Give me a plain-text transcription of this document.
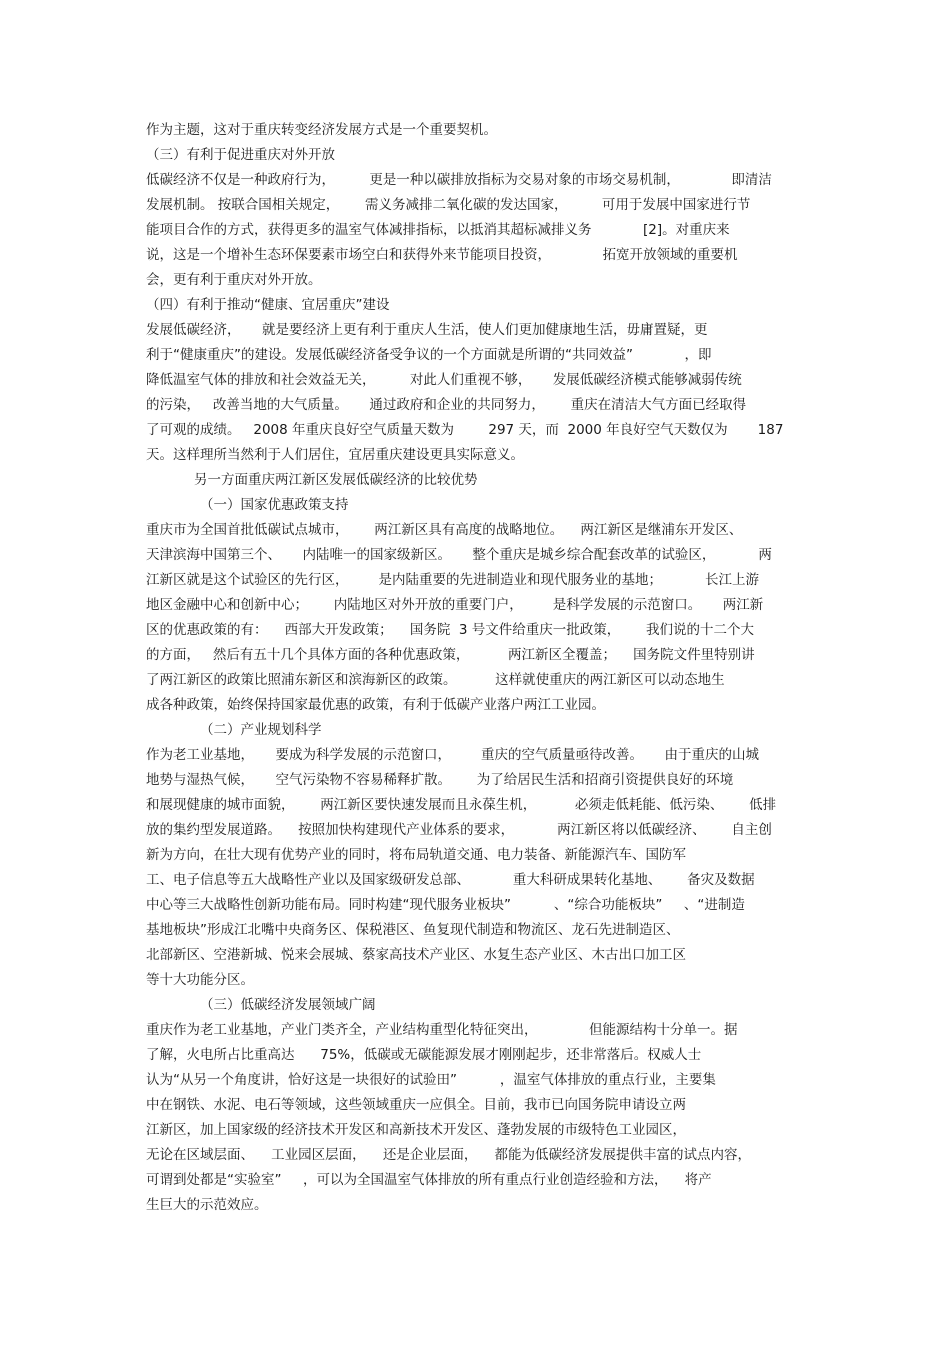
作为主题，这对于重庆转变经济发展方式是一个重要契机。
（三）有利于促进重庆对外开放
低碳经济不仅是一种政府行为，        更是一种以碳排放指标为交易对象的市场交易机制，            即清洁
发展机制。 按联合国相关规定，      需义务减排二氧化碳的发达国家，        可用于发展中国家进行节
能项目合作的方式，获得更多的温室气体减排指标，以抵消其超标减排义务            [2]。对重庆来
说，这是一个增补生态环保要素市场空白和获得外来节能项目投资，            拓宽开放领域的重要机
会，更有利于重庆对外开放。
（四）有利于推动“健康、宜居重庆”建设
发展低碳经济，     就是要经济上更有利于重庆人生活，使人们更加健康地生活，毋庸置疑，更
利于“健康重庆”的建设。发展低碳经济备受争议的一个方面就是所谓的“共同效益”            ，即
降低温室气体的排放和社会效益无关，        对此人们重视不够，     发展低碳经济模式能够减弱传统
的污染，   改善当地的大气质量。     通过政府和企业的共同努力，      重庆在清洁大气方面已经取得
了可观的成绩。   2008 年重庆良好空气质量天数为        297 天，而  2000 年良好空气天数仅为       187
天。这样理所当然利于人们居住，宜居重庆建设更具实际意义。
另一方面重庆两江新区发展低碳经济的比较优势
（一）国家优惠政策支持
重庆市为全国首批低碳试点城市，      两江新区具有高度的战略地位。    两江新区是继浦东开发区、
天津滨海中国第三个、     内陆唯一的国家级新区。     整个重庆是城乡综合配套改革的试验区，          两
江新区就是这个试验区的先行区，       是内陆重要的先进制造业和现代服务业的基地；          长江上游
地区金融中心和创新中心；      内陆地区对外开放的重要门户，       是科学发展的示范窗口。     两江新
区的优惠政策的有：    西部大开发政策；    国务院  3 号文件给重庆一批政策，      我们说的十二个大
的方面，   然后有五十几个具体方面的各种优惠政策，         两江新区全覆盖；    国务院文件里特别讲
了两江新区的政策比照浦东新区和滨海新区的政策。         这样就使重庆的两江新区可以动态地生
成各种政策，始终保持国家最优惠的政策，有利于低碳产业落户两江工业园。
（二）产业规划科学
作为老工业基地，     要成为科学发展的示范窗口，       重庆的空气质量亟待改善。     由于重庆的山城
地势与湿热气候，     空气污染物不容易稀释扩散。      为了给居民生活和招商引资提供良好的环境
和展现健康的城市面貌，      两江新区要快速发展而且永葆生机，         必须走低耗能、低污染、      低排
放的集约型发展道路。    按照加快构建现代产业体系的要求，          两江新区将以低碳经济、      自主创
新为方向，在壮大现有优势产业的同时，将布局轨道交通、电力装备、新能源汽车、国防军
工、电子信息等五大战略性产业以及国家级研发总部、          重大科研成果转化基地、      备灾及数据
中心等三大战略性创新功能布局。同时构建“现代服务业板块”          、“综合功能板块”     、“进制造
基地板块”形成江北嘴中央商务区、保税港区、鱼复现代制造和物流区、龙石先进制造区、
北部新区、空港新城、悦来会展城、蔡家高技术产业区、水复生态产业区、木古出口加工区
等十大功能分区。
（三）低碳经济发展领域广阔
重庆作为老工业基地，产业门类齐全，产业结构重型化特征突出，            但能源结构十分单一。据
了解，火电所占比重高达      75%，低碳或无碳能源发展才刚刚起步，还非常落后。权威人士
认为“从另一个角度讲，恰好这是一块很好的试验田”          ，温室气体排放的重点行业，主要集
中在钢铁、水泥、电石等领域，这些领域重庆一应俱全。目前，我市已向国务院申请设立两
江新区，加上国家级的经济技术开发区和高新技术开发区、蓬勃发展的市级特色工业园区，
无论在区域层面、    工业园区层面，    还是企业层面，    都能为低碳经济发展提供丰富的试点内容，
可谓到处都是“实验室”     ，可以为全国温室气体排放的所有重点行业创造经验和方法，    将产
生巨大的示范效应。
